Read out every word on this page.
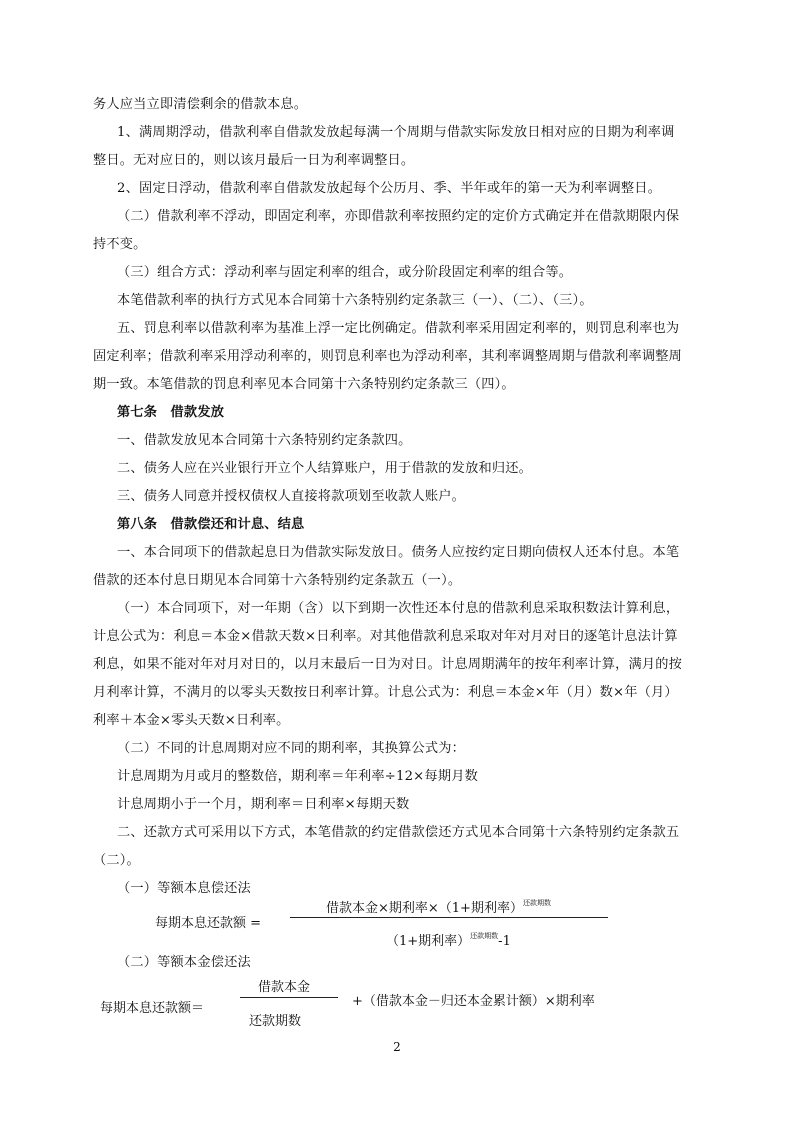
务人应当立即清偿剩余的借款本息。
1、满周期浮动，借款利率自借款发放起每满一个周期与借款实际发放日相对应的日期为利率调
整日。无对应日的，则以该月最后一日为利率调整日。
2、固定日浮动，借款利率自借款发放起每个公历月、季、半年或年的第一天为利率调整日。
（二）借款利率不浮动，即固定利率，亦即借款利率按照约定的定价方式确定并在借款期限内保
持不变。
（三）组合方式：浮动利率与固定利率的组合，或分阶段固定利率的组合等。
本笔借款利率的执行方式见本合同第十六条特别约定条款三（一）、（二）、（三）。
五、罚息利率以借款利率为基准上浮一定比例确定。借款利率采用固定利率的，则罚息利率也为
固定利率；借款利率采用浮动利率的，则罚息利率也为浮动利率，其利率调整周期与借款利率调整周
期一致。本笔借款的罚息利率见本合同第十六条特别约定条款三（四）。
第七条　借款发放
一、借款发放见本合同第十六条特别约定条款四。
二、债务人应在兴业银行开立个人结算账户，用于借款的发放和归还。
三、债务人同意并授权债权人直接将款项划至收款人账户。
第八条　借款偿还和计息、结息
一、本合同项下的借款起息日为借款实际发放日。债务人应按约定日期向债权人还本付息。本笔
借款的还本付息日期见本合同第十六条特别约定条款五（一）。
（一）本合同项下，对一年期（含）以下到期一次性还本付息的借款利息采取积数法计算利息，
计息公式为：利息＝本金×借款天数×日利率。对其他借款利息采取对年对月对日的逐笔计息法计算
利息，如果不能对年对月对日的，以月末最后一日为对日。计息周期满年的按年利率计算，满月的按
月利率计算，不满月的以零头天数按日利率计算。计息公式为：利息＝本金×年（月）数×年（月）
利率＋本金×零头天数×日利率。
（二）不同的计息周期对应不同的期利率，其换算公式为：
计息周期为月或月的整数倍，期利率＝年利率÷12×每期月数
计息周期小于一个月，期利率＝日利率×每期天数
二、还款方式可采用以下方式，本笔借款的约定借款偿还方式见本合同第十六条特别约定条款五
（二）。
（一）等额本息偿还法
每期本息还款额 =
借款本金×期利率×（1+期利率）$^{还款期数}$
（1+期利率）$^{还款期数}$-1
（二）等额本金偿还法
每期本息还款额＝
借款本金
还款期数
+（借款本金－归还本金累计额）×期利率
2
